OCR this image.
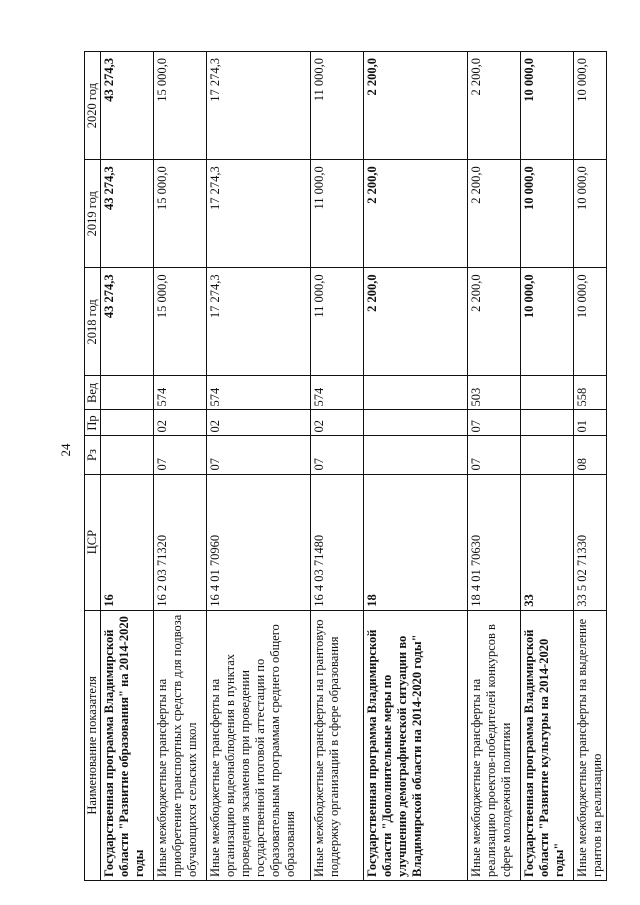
24
Наименование показателя	ЦСР	Рз	Пр	Вед	2018 год	2019 год	2020 год
Государственная программа Владимирской области "Развитие образования" на 2014-2020 годы	16				43 274,3	43 274,3	43 274,3
Иные межбюджетные трансферты на приобретение транспортных средств для подвоза обучающихся сельских школ	16 2 03 71320	07	02	574	15 000,0	15 000,0	15 000,0
Иные межбюджетные трансферты на организацию видеонаблюдения в пунктах проведения экзаменов при проведении государственной итоговой аттестации по образовательным программам среднего общего образования	16 4 01 70960	07	02	574	17 274,3	17 274,3	17 274,3
Иные межбюджетные трансферты на грантовую поддержку организаций в сфере образования	16 4 03 71480	07	02	574	11 000,0	11 000,0	11 000,0
Государственная программа Владимирской области "Дополнительные меры по улучшению демографической ситуации во Владимирской области на 2014-2020 годы"	18				2 200,0	2 200,0	2 200,0
Иные межбюджетные трансферты на реализацию проектов-победителей конкурсов в сфере молодежной политики	18 4 01 70630	07	07	503	2 200,0	2 200,0	2 200,0
Государственная программа Владимирской области "Развитие культуры на 2014-2020 годы"	33				10 000,0	10 000,0	10 000,0
Иные межбюджетные трансферты на выделение грантов на реализацию	33 5 02 71330	08	01	558	10 000,0	10 000,0	10 000,0
